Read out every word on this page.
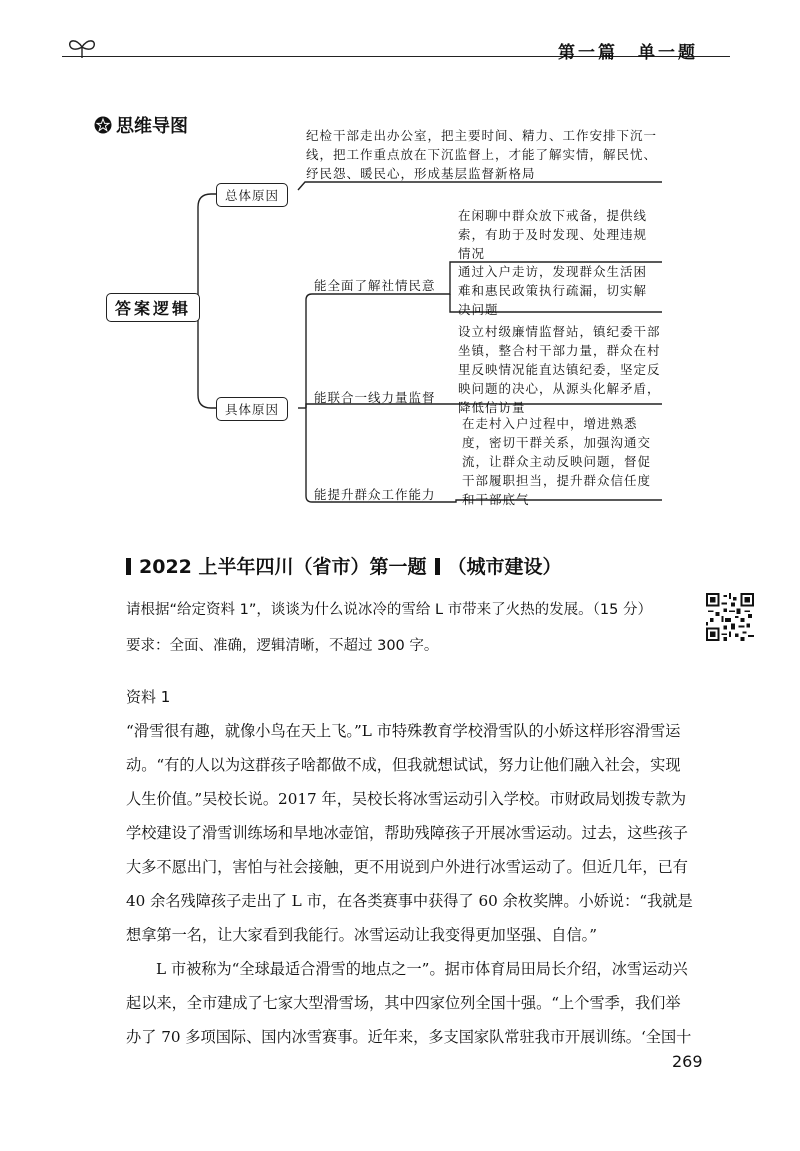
第一篇　单一题
思维导图
答案逻辑
总体原因
纪检干部走出办公室，把主要时间、精力、工作安排下沉一线，把工作重点放在下沉监督上，才能了解实情，解民忧、纾民怨、暖民心，形成基层监督新格局
具体原因
能全面了解社情民意
在闲聊中群众放下戒备，提供线索，有助于及时发现、处理违规情况
通过入户走访，发现群众生活困难和惠民政策执行疏漏，切实解决问题
能联合一线力量监督
设立村级廉情监督站，镇纪委干部坐镇，整合村干部力量，群众在村里反映情况能直达镇纪委，坚定反映问题的决心，从源头化解矛盾，降低信访量
能提升群众工作能力
在走村入户过程中，增进熟悉度，密切干群关系，加强沟通交流，让群众主动反映问题，督促干部履职担当，提升群众信任度和干部底气
2022 上半年四川（省市）第一题 （城市建设）
请根据“给定资料 1”，谈谈为什么说冰冷的雪给 L 市带来了火热的发展。（15 分）
要求：全面、准确，逻辑清晰，不超过 300 字。
资料 1
“滑雪很有趣，就像小鸟在天上飞。”L 市特殊教育学校滑雪队的小娇这样形容滑雪运动。“有的人以为这群孩子啥都做不成，但我就想试试，努力让他们融入社会，实现人生价值。”吴校长说。2017 年，吴校长将冰雪运动引入学校。市财政局划拨专款为学校建设了滑雪训练场和旱地冰壶馆，帮助残障孩子开展冰雪运动。过去，这些孩子大多不愿出门，害怕与社会接触，更不用说到户外进行冰雪运动了。但近几年，已有 40 余名残障孩子走出了 L 市，在各类赛事中获得了 60 余枚奖牌。小娇说：“我就是想拿第一名，让大家看到我能行。冰雪运动让我变得更加坚强、自信。”
L 市被称为“全球最适合滑雪的地点之一”。据市体育局田局长介绍，冰雪运动兴起以来，全市建成了七家大型滑雪场，其中四家位列全国十强。“上个雪季，我们举办了 70 多项国际、国内冰雪赛事。近年来，多支国家队常驻我市开展训练。‘全国十
269
